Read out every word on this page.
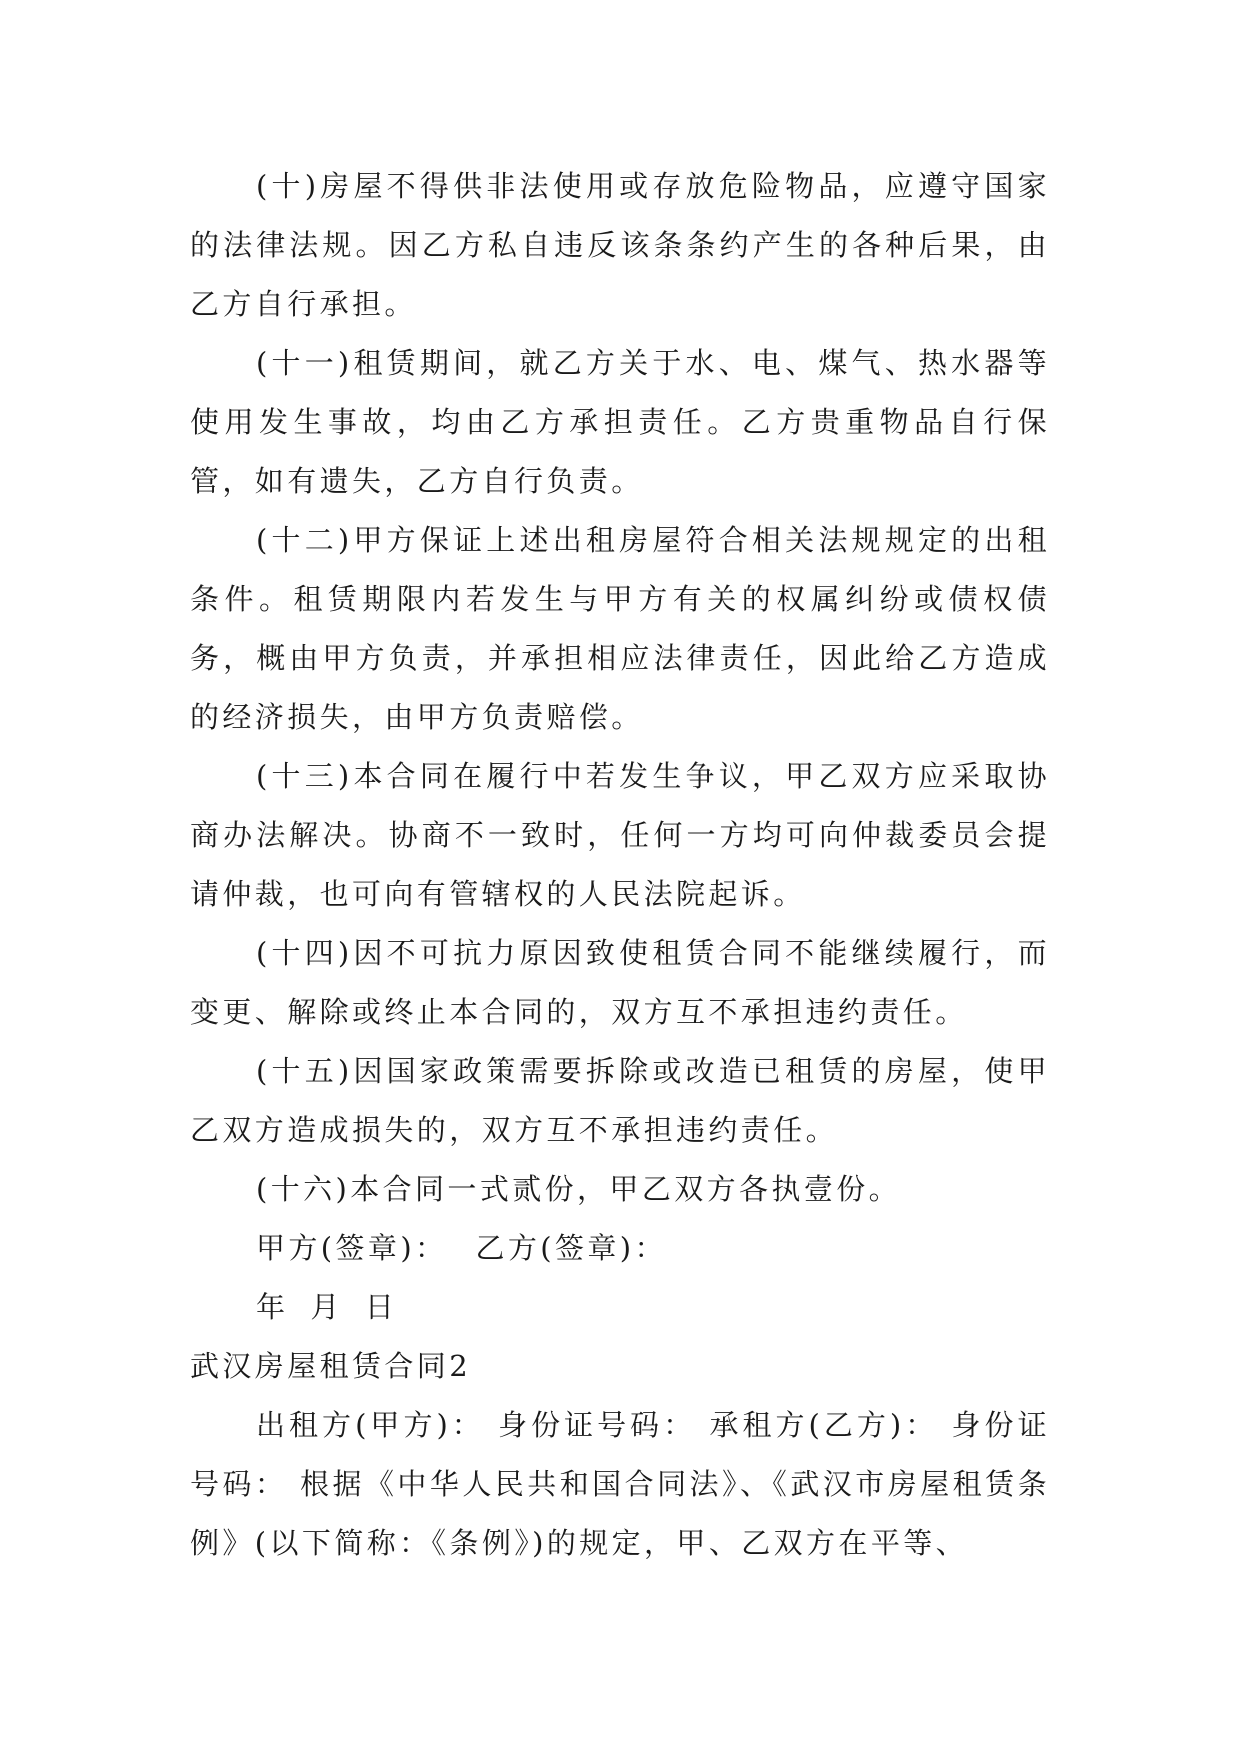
(十)房屋不得供非法使用或存放危险物品，应遵守国家的法律法规。因乙方私自违反该条条约产生的各种后果，由乙方自行承担。

(十一)租赁期间，就乙方关于水、电、煤气、热水器等使用发生事故，均由乙方承担责任。乙方贵重物品自行保管，如有遗失，乙方自行负责。

(十二)甲方保证上述出租房屋符合相关法规规定的出租条件。租赁期限内若发生与甲方有关的权属纠纷或债权债务，概由甲方负责，并承担相应法律责任，因此给乙方造成的经济损失，由甲方负责赔偿。

(十三)本合同在履行中若发生争议，甲乙双方应采取协商办法解决。协商不一致时，任何一方均可向仲裁委员会提请仲裁，也可向有管辖权的人民法院起诉。

(十四)因不可抗力原因致使租赁合同不能继续履行，而变更、解除或终止本合同的，双方互不承担违约责任。

(十五)因国家政策需要拆除或改造已租赁的房屋，使甲乙双方造成损失的，双方互不承担违约责任。

(十六)本合同一式贰份，甲乙双方各执壹份。

甲方(签章)： 乙方(签章)：

年 月 日

武汉房屋租赁合同2

出租方(甲方)： 身份证号码： 承租方(乙方)： 身份证号码： 根据《中华人民共和国合同法》、《武汉市房屋租赁条例》(以下简称：《条例》)的规定，甲、乙双方在平等、
